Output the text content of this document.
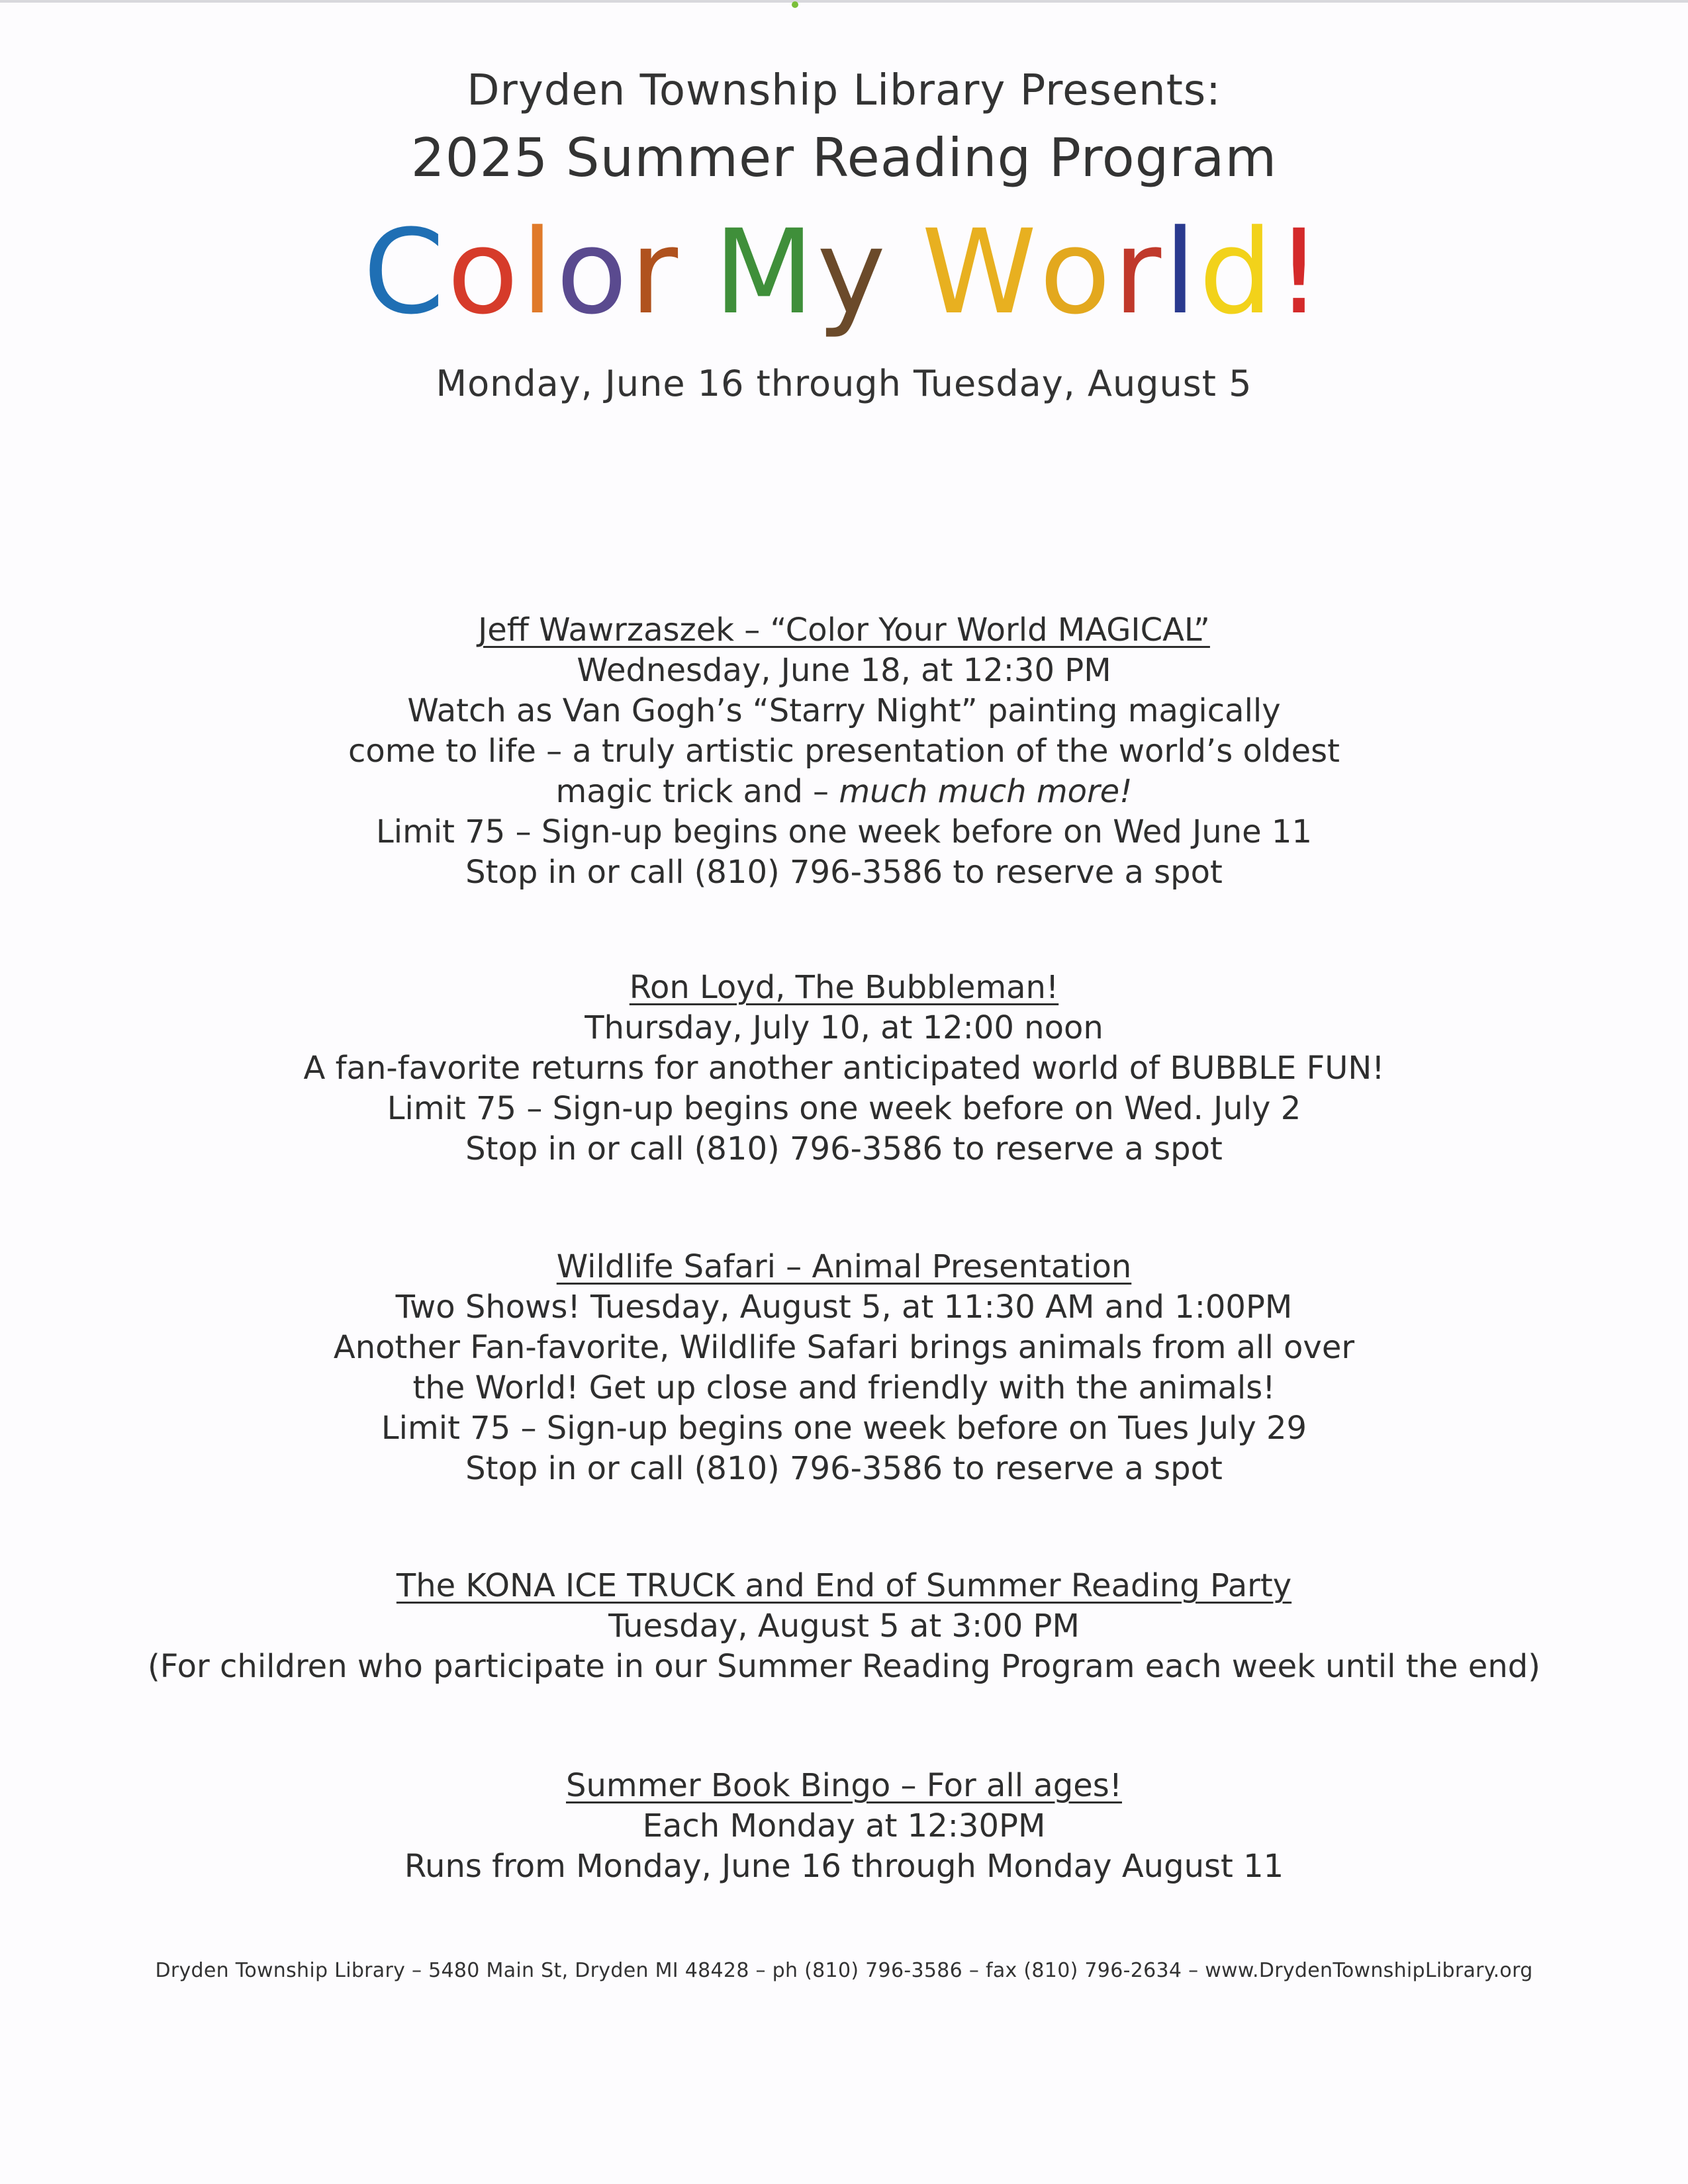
Dryden Township Library Presents:
2025 Summer Reading Program
Color My World!
Monday, June 16 through Tuesday, August 5
Jeff Wawrzaszek – “Color Your World MAGICAL”
Wednesday, June 18, at 12:30 PM
Watch as Van Gogh’s “Starry Night” painting magically
come to life – a truly artistic presentation of the world’s oldest
magic trick and – much much more!
Limit 75 – Sign-up begins one week before on Wed June 11
Stop in or call (810) 796-3586 to reserve a spot
Ron Loyd, The Bubbleman!
Thursday, July 10, at 12:00 noon
A fan-favorite returns for another anticipated world of BUBBLE FUN!
Limit 75 – Sign-up begins one week before on Wed. July 2
Stop in or call (810) 796-3586 to reserve a spot
Wildlife Safari – Animal Presentation
Two Shows! Tuesday, August 5, at 11:30 AM and 1:00PM
Another Fan-favorite, Wildlife Safari brings animals from all over
the World! Get up close and friendly with the animals!
Limit 75 – Sign-up begins one week before on Tues July 29
Stop in or call (810) 796-3586 to reserve a spot
The KONA ICE TRUCK and End of Summer Reading Party
Tuesday, August 5 at 3:00 PM
(For children who participate in our Summer Reading Program each week until the end)
Summer Book Bingo – For all ages!
Each Monday at 12:30PM
Runs from Monday, June 16 through Monday August 11
Dryden Township Library – 5480 Main St, Dryden MI 48428 – ph (810) 796-3586 – fax (810) 796-2634 – www.DrydenTownshipLibrary.org
